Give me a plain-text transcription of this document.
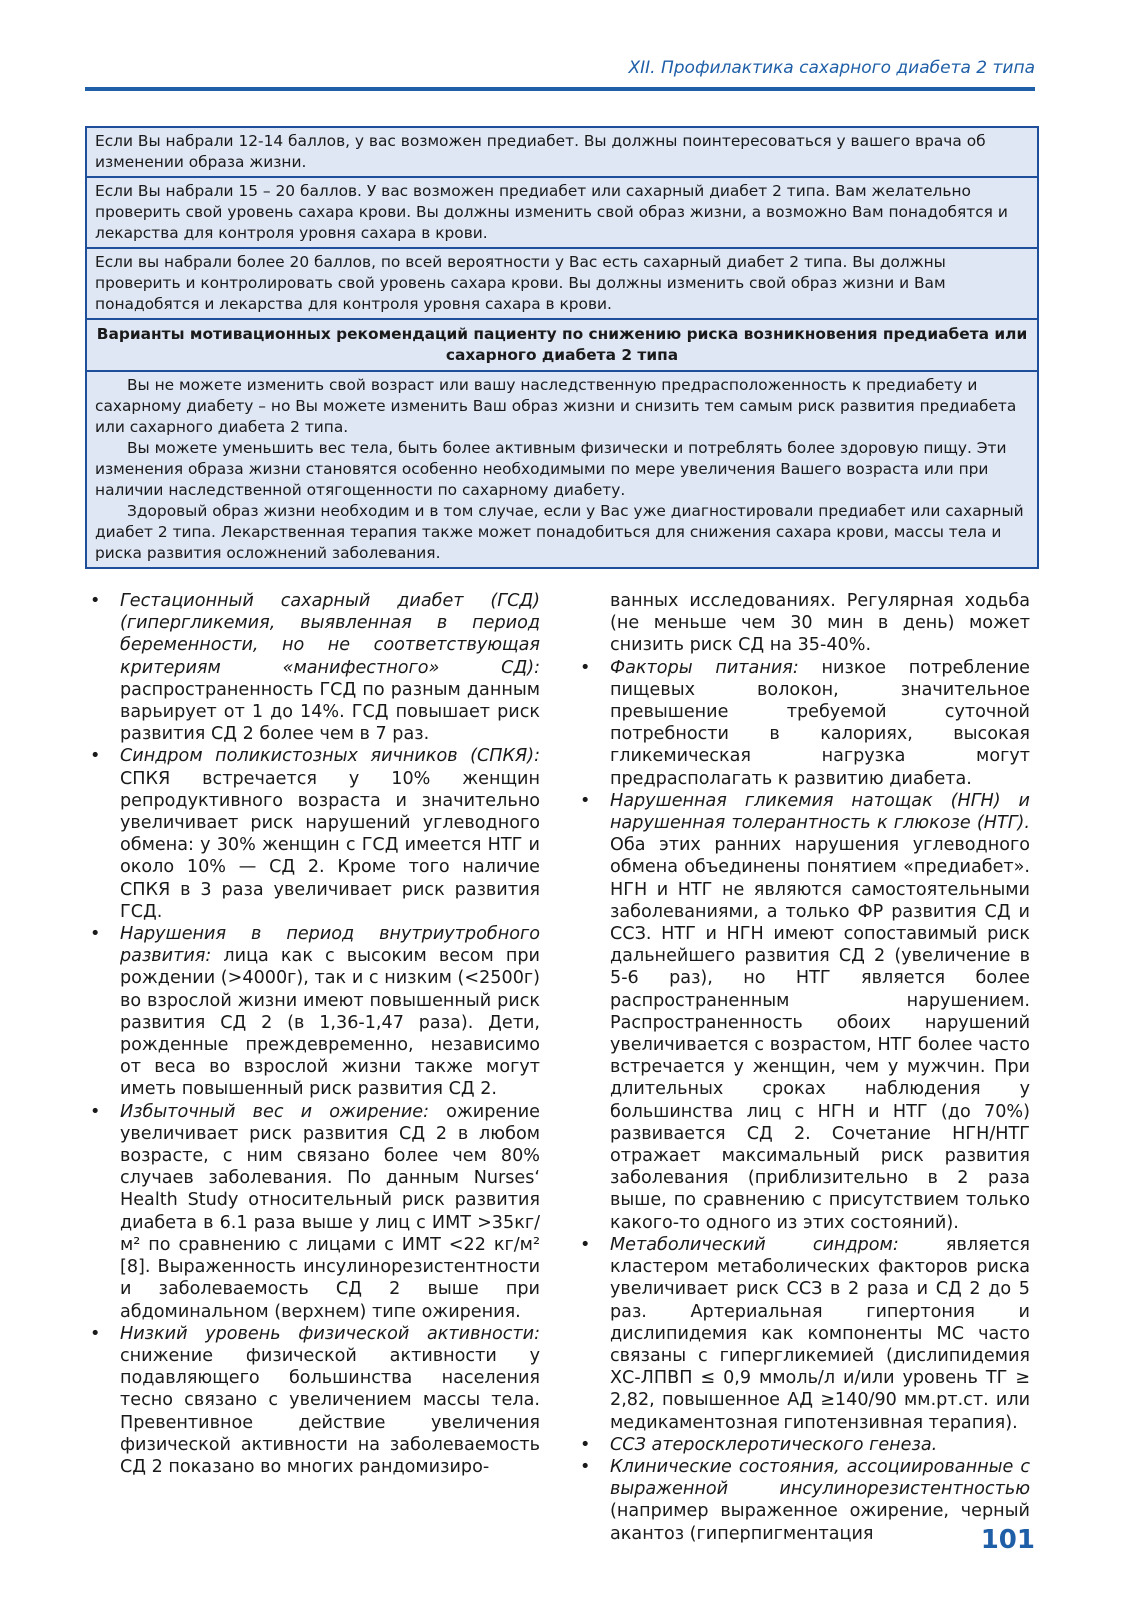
XII. Профилактика сахарного диабета 2 типа
Если Вы набрали 12-14 баллов, у вас возможен предиабет. Вы должны поинтересоваться у вашего врача об изменении образа жизни.
Если Вы набрали 15 – 20 баллов. У вас возможен предиабет или сахарный диабет 2 типа. Вам желательно проверить свой уровень сахара крови. Вы должны изменить свой образ жизни, а возможно Вам понадобятся и лекарства для контроля уровня сахара в крови.
Если вы набрали более 20 баллов, по всей вероятности у Вас есть сахарный диабет 2 типа. Вы должны проверить и контролировать свой уровень сахара крови. Вы должны изменить свой образ жизни и Вам понадобятся и лекарства для контроля уровня сахара в крови.
Варианты мотивационных рекомендаций пациенту по снижению риска возникновения предиабета или сахарного диабета 2 типа

Вы не можете изменить свой возраст или вашу наследственную предрасположенность к предиабету и сахарному диабету – но Вы можете изменить Ваш образ жизни и снизить тем самым риск развития предиабета или сахарного диабета 2 типа.

Вы можете уменьшить вес тела, быть более активным физически и потреблять более здоровую пищу. Эти изменения образа жизни становятся особенно необходимыми по мере увеличения Вашего возраста или при наличии наследственной отягощенности по сахарному диабету.

Здоровый образ жизни необходим и в том случае, если у Вас уже диагностировали предиабет или сахарный диабет 2 типа. Лекарственная терапия также может понадобиться для снижения сахара крови, массы тела и риска развития осложнений заболевания.

• Гестационный сахарный диабет (ГСД) (гипергликемия, выявленная в период беременности, но не соответствующая критериям «манифестного» СД): распространенность ГСД по разным данным варьирует от 1 до 14%. ГСД повышает риск развития СД 2 более чем в 7 раз.
• Синдром поликистозных яичников (СПКЯ): СПКЯ встречается у 10% женщин репродуктивного возраста и значительно увеличивает риск нарушений углеводного обмена: у 30% женщин с ГСД имеется НТГ и около 10% — СД 2. Кроме того наличие СПКЯ в 3 раза увеличивает риск развития ГСД.
• Нарушения в период внутриутробного развития: лица как с высоким весом при рождении (>4000г), так и с низким (<2500г) во взрослой жизни имеют повышенный риск развития СД 2 (в 1,36-1,47 раза). Дети, рожденные преждевременно, независимо от веса во взрослой жизни также могут иметь повышенный риск развития СД 2.
• Избыточный вес и ожирение: ожирение увеличивает риск развития СД 2 в любом возрасте, с ним связано более чем 80% случаев заболевания. По данным Nurses‘ Health Study относительный риск развития диабета в 6.1 раза выше у лиц с ИМТ >35кг/м² по сравнению с лицами с ИМТ <22 кг/м² [8]. Выраженность инсулинорезистентности и заболеваемость СД 2 выше при абдоминальном (верхнем) типе ожирения.
• Низкий уровень физической активности: снижение физической активности у подавляющего большинства населения тесно связано с увеличением массы тела. Превентивное действие увеличения физической активности на заболеваемость СД 2 показано во многих рандомизиро-
ванных исследованиях. Регулярная ходьба (не меньше чем 30 мин в день) может снизить риск СД на 35-40%.
• Факторы питания: низкое потребление пищевых волокон, значительное превышение требуемой суточной потребности в калориях, высокая гликемическая нагрузка могут предрасполагать к развитию диабета.
• Нарушенная гликемия натощак (НГН) и нарушенная толерантность к глюкозе (НТГ). Оба этих ранних нарушения углеводного обмена объединены понятием «предиабет». НГН и НТГ не являются самостоятельными заболеваниями, а только ФР развития СД и ССЗ. НТГ и НГН имеют сопоставимый риск дальнейшего развития СД 2 (увеличение в 5-6 раз), но НТГ является более распространенным нарушением. Распространенность обоих нарушений увеличивается с возрастом, НТГ более часто встречается у женщин, чем у мужчин. При длительных сроках наблюдения у большинства лиц с НГН и НТГ (до 70%) развивается СД 2. Сочетание НГН/НТГ отражает максимальный риск развития заболевания (приблизительно в 2 раза выше, по сравнению с присутствием только какого-то одного из этих состояний).
• Метаболический синдром: является кластером метаболических факторов риска увеличивает риск ССЗ в 2 раза и СД 2 до 5 раз. Артериальная гипертония и дислипидемия как компоненты МС часто связаны с гипергликемией (дислипидемия ХС-ЛПВП ≤ 0,9 ммоль/л и/или уровень ТГ ≥ 2,82, повышенное АД ≥140/90 мм.рт.ст. или медикаментозная гипотензивная терапия).
• ССЗ атеросклеротического генеза.
• Клинические состояния, ассоциированные с выраженной инсулинорезистентностью (например выраженное ожирение, черный акантоз (гиперпигментация	101
